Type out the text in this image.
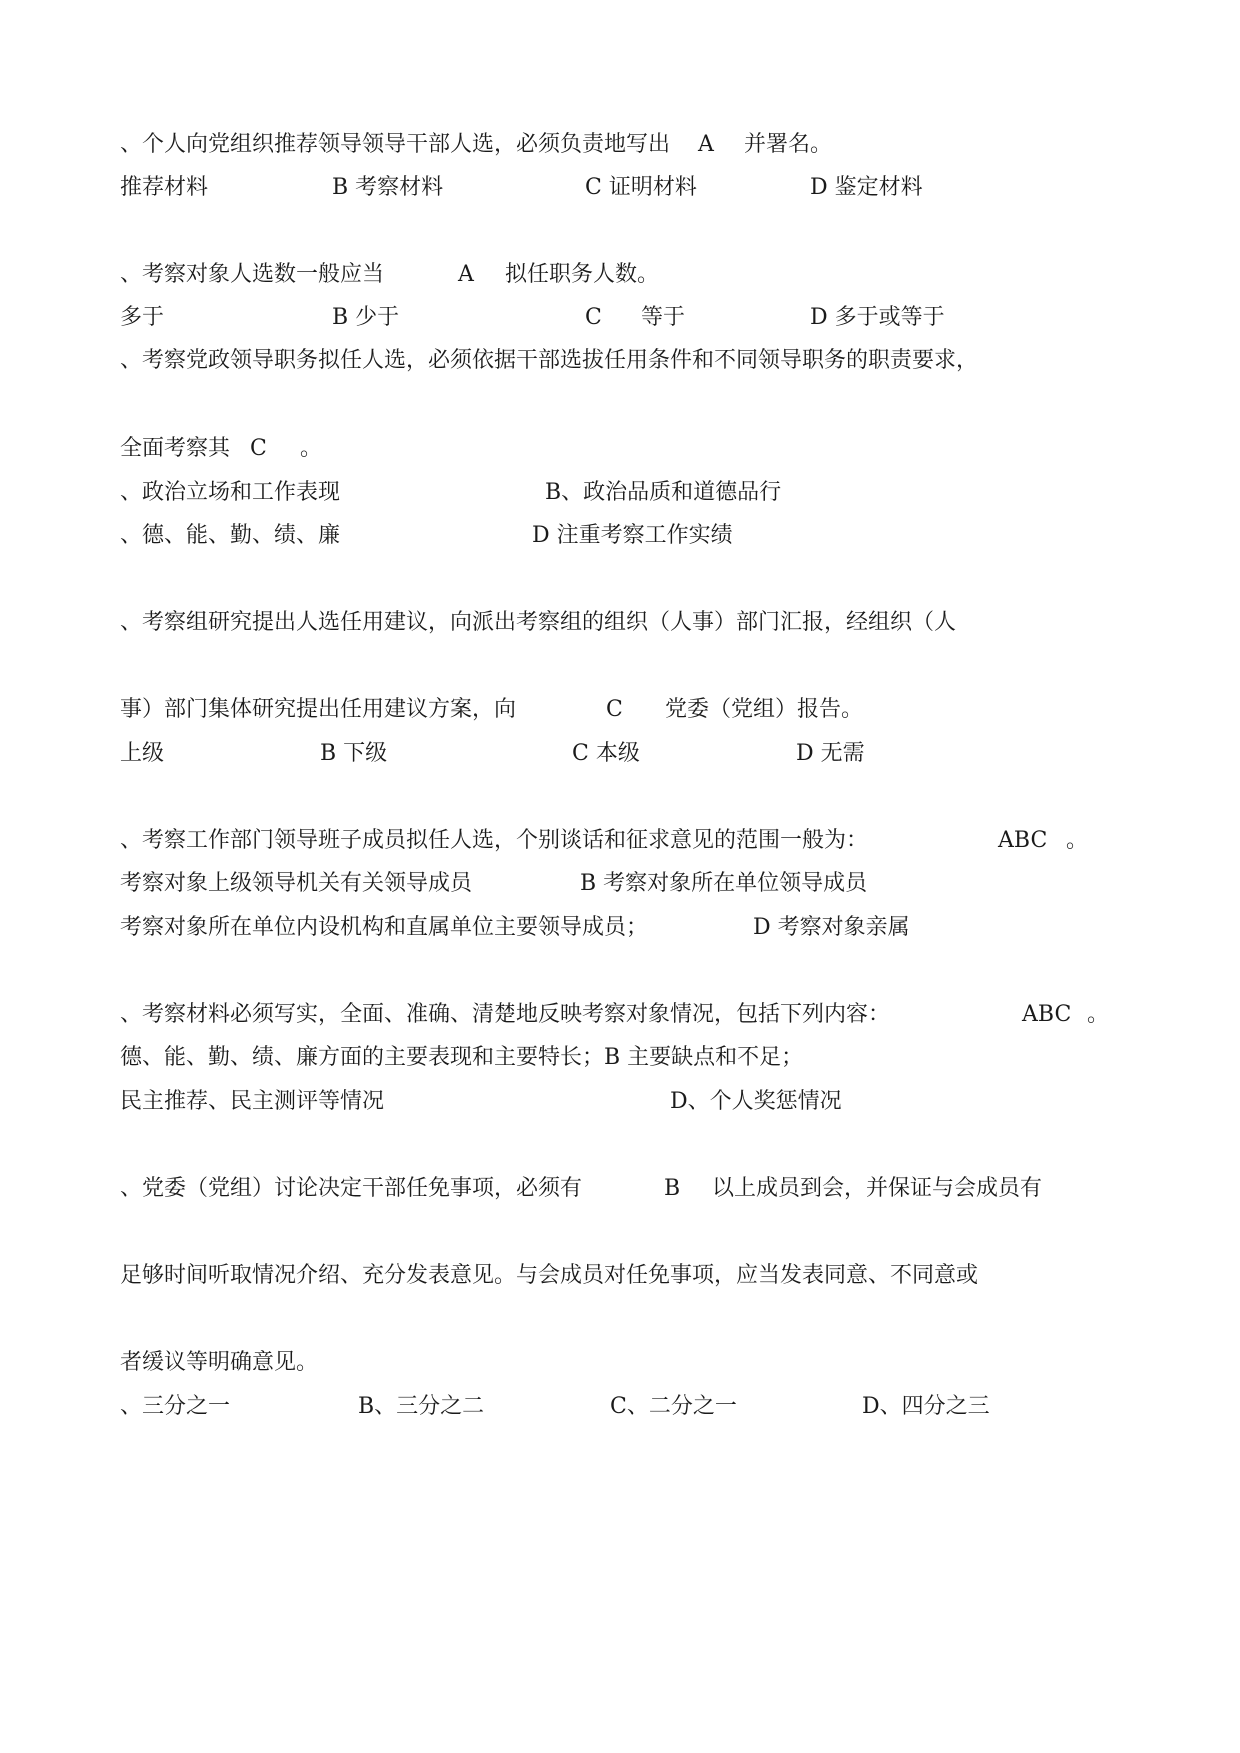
、个人向党组织推荐领导领导干部人选，必须负责地写出 A 并署名。
推荐材料	B 考察材料	C 证明材料	D 鉴定材料
、考察对象人选数一般应当	A 拟任职务人数。
多于	B 少于	C 等于	D 多于或等于
、考察党政领导职务拟任人选，必须依据干部选拔任用条件和不同领导职务的职责要求，
全面考察其 C 。
、政治立场和工作表现	B、政治品质和道德品行
、德、能、勤、绩、廉	D 注重考察工作实绩
、考察组研究提出人选任用建议，向派出考察组的组织（人事）部门汇报，经组织（人
事）部门集体研究提出任用建议方案，向	C 党委（党组）报告。
上级	B 下级	C 本级	D 无需
、考察工作部门领导班子成员拟任人选，个别谈话和征求意见的范围一般为：	ABC 。
考察对象上级领导机关有关领导成员	B 考察对象所在单位领导成员
考察对象所在单位内设机构和直属单位主要领导成员；	D 考察对象亲属
、考察材料必须写实，全面、准确、清楚地反映考察对象情况，包括下列内容：	ABC 。
德、能、勤、绩、廉方面的主要表现和主要特长；B 主要缺点和不足；
民主推荐、民主测评等情况	D、个人奖惩情况
、党委（党组）讨论决定干部任免事项，必须有	B 以上成员到会，并保证与会成员有
足够时间听取情况介绍、充分发表意见。与会成员对任免事项，应当发表同意、不同意或
者缓议等明确意见。
、三分之一	B、三分之二	C、二分之一	D、四分之三
